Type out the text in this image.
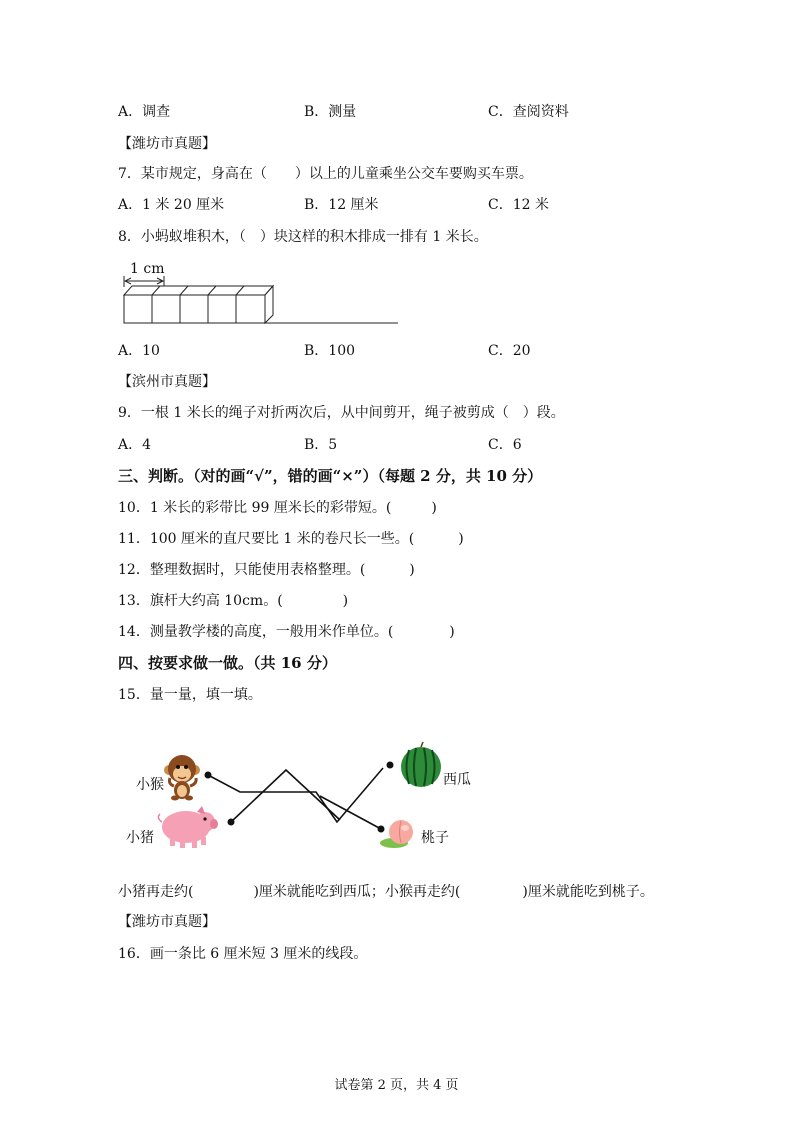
A．调查	B．测量	C．查阅资料
【潍坊市真题】
7．某市规定，身高在（　　）以上的儿童乘坐公交车要购买车票。
A．1 米 20 厘米	B．12 厘米	C．12 米
8．小蚂蚁堆积木，（　）块这样的积木排成一排有 1 米长。
1 cm
A．10	B．100	C．20
【滨州市真题】
9．一根 1 米长的绳子对折两次后，从中间剪开，绳子被剪成（　）段。
A．4	B．5	C．6
三、判断。（对的画“√”，错的画“×”）（每题 2 分，共 10 分）
10．1 米长的彩带比 99 厘米长的彩带短。(	)
11．100 厘米的直尺要比 1 米的卷尺长一些。(	)
12．整理数据时，只能使用表格整理。(	)
13．旗杆大约高 10cm。(	)
14．测量教学楼的高度，一般用米作单位。(	)
四、按要求做一做。（共 16 分）
15．量一量，填一填。
小猴
小猪
西瓜
桃子
小猪再走约(	)厘米就能吃到西瓜；小猴再走约(	)厘米就能吃到桃子。
【潍坊市真题】
16．画一条比 6 厘米短 3 厘米的线段。
试卷第 2 页，共 4 页
